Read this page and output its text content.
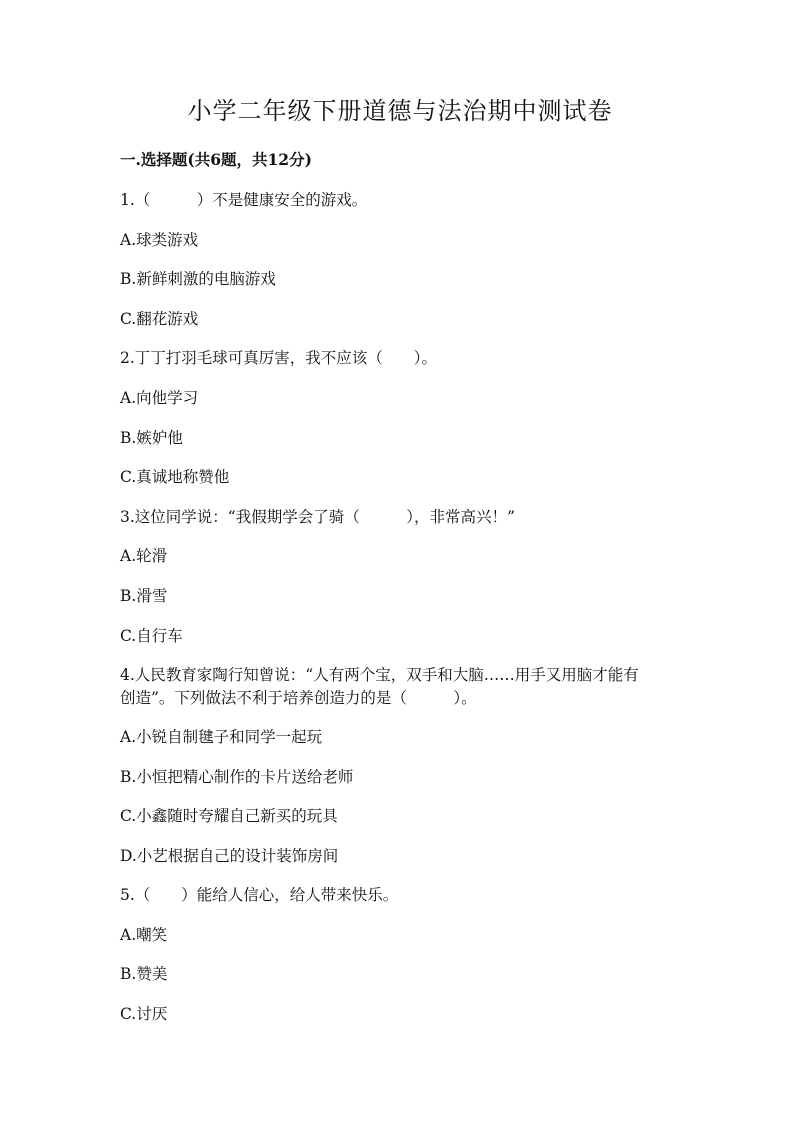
小学二年级下册道德与法治期中测试卷
一.选择题(共6题，共12分)
1.（　　　）不是健康安全的游戏。
A.球类游戏
B.新鲜刺激的电脑游戏
C.翻花游戏
2.丁丁打羽毛球可真厉害，我不应该（　　）。
A.向他学习
B.嫉妒他
C.真诚地称赞他
3.这位同学说：“我假期学会了骑（　　　），非常高兴！”
A.轮滑
B.滑雪
C.自行车
4.人民教育家陶行知曾说：“人有两个宝，双手和大脑……用手又用脑才能有
创造”。下列做法不利于培养创造力的是（　　　）。
A.小锐自制毽子和同学一起玩
B.小恒把精心制作的卡片送给老师
C.小鑫随时夸耀自己新买的玩具
D.小艺根据自己的设计装饰房间
5.（　　）能给人信心，给人带来快乐。
A.嘲笑
B.赞美
C.讨厌
